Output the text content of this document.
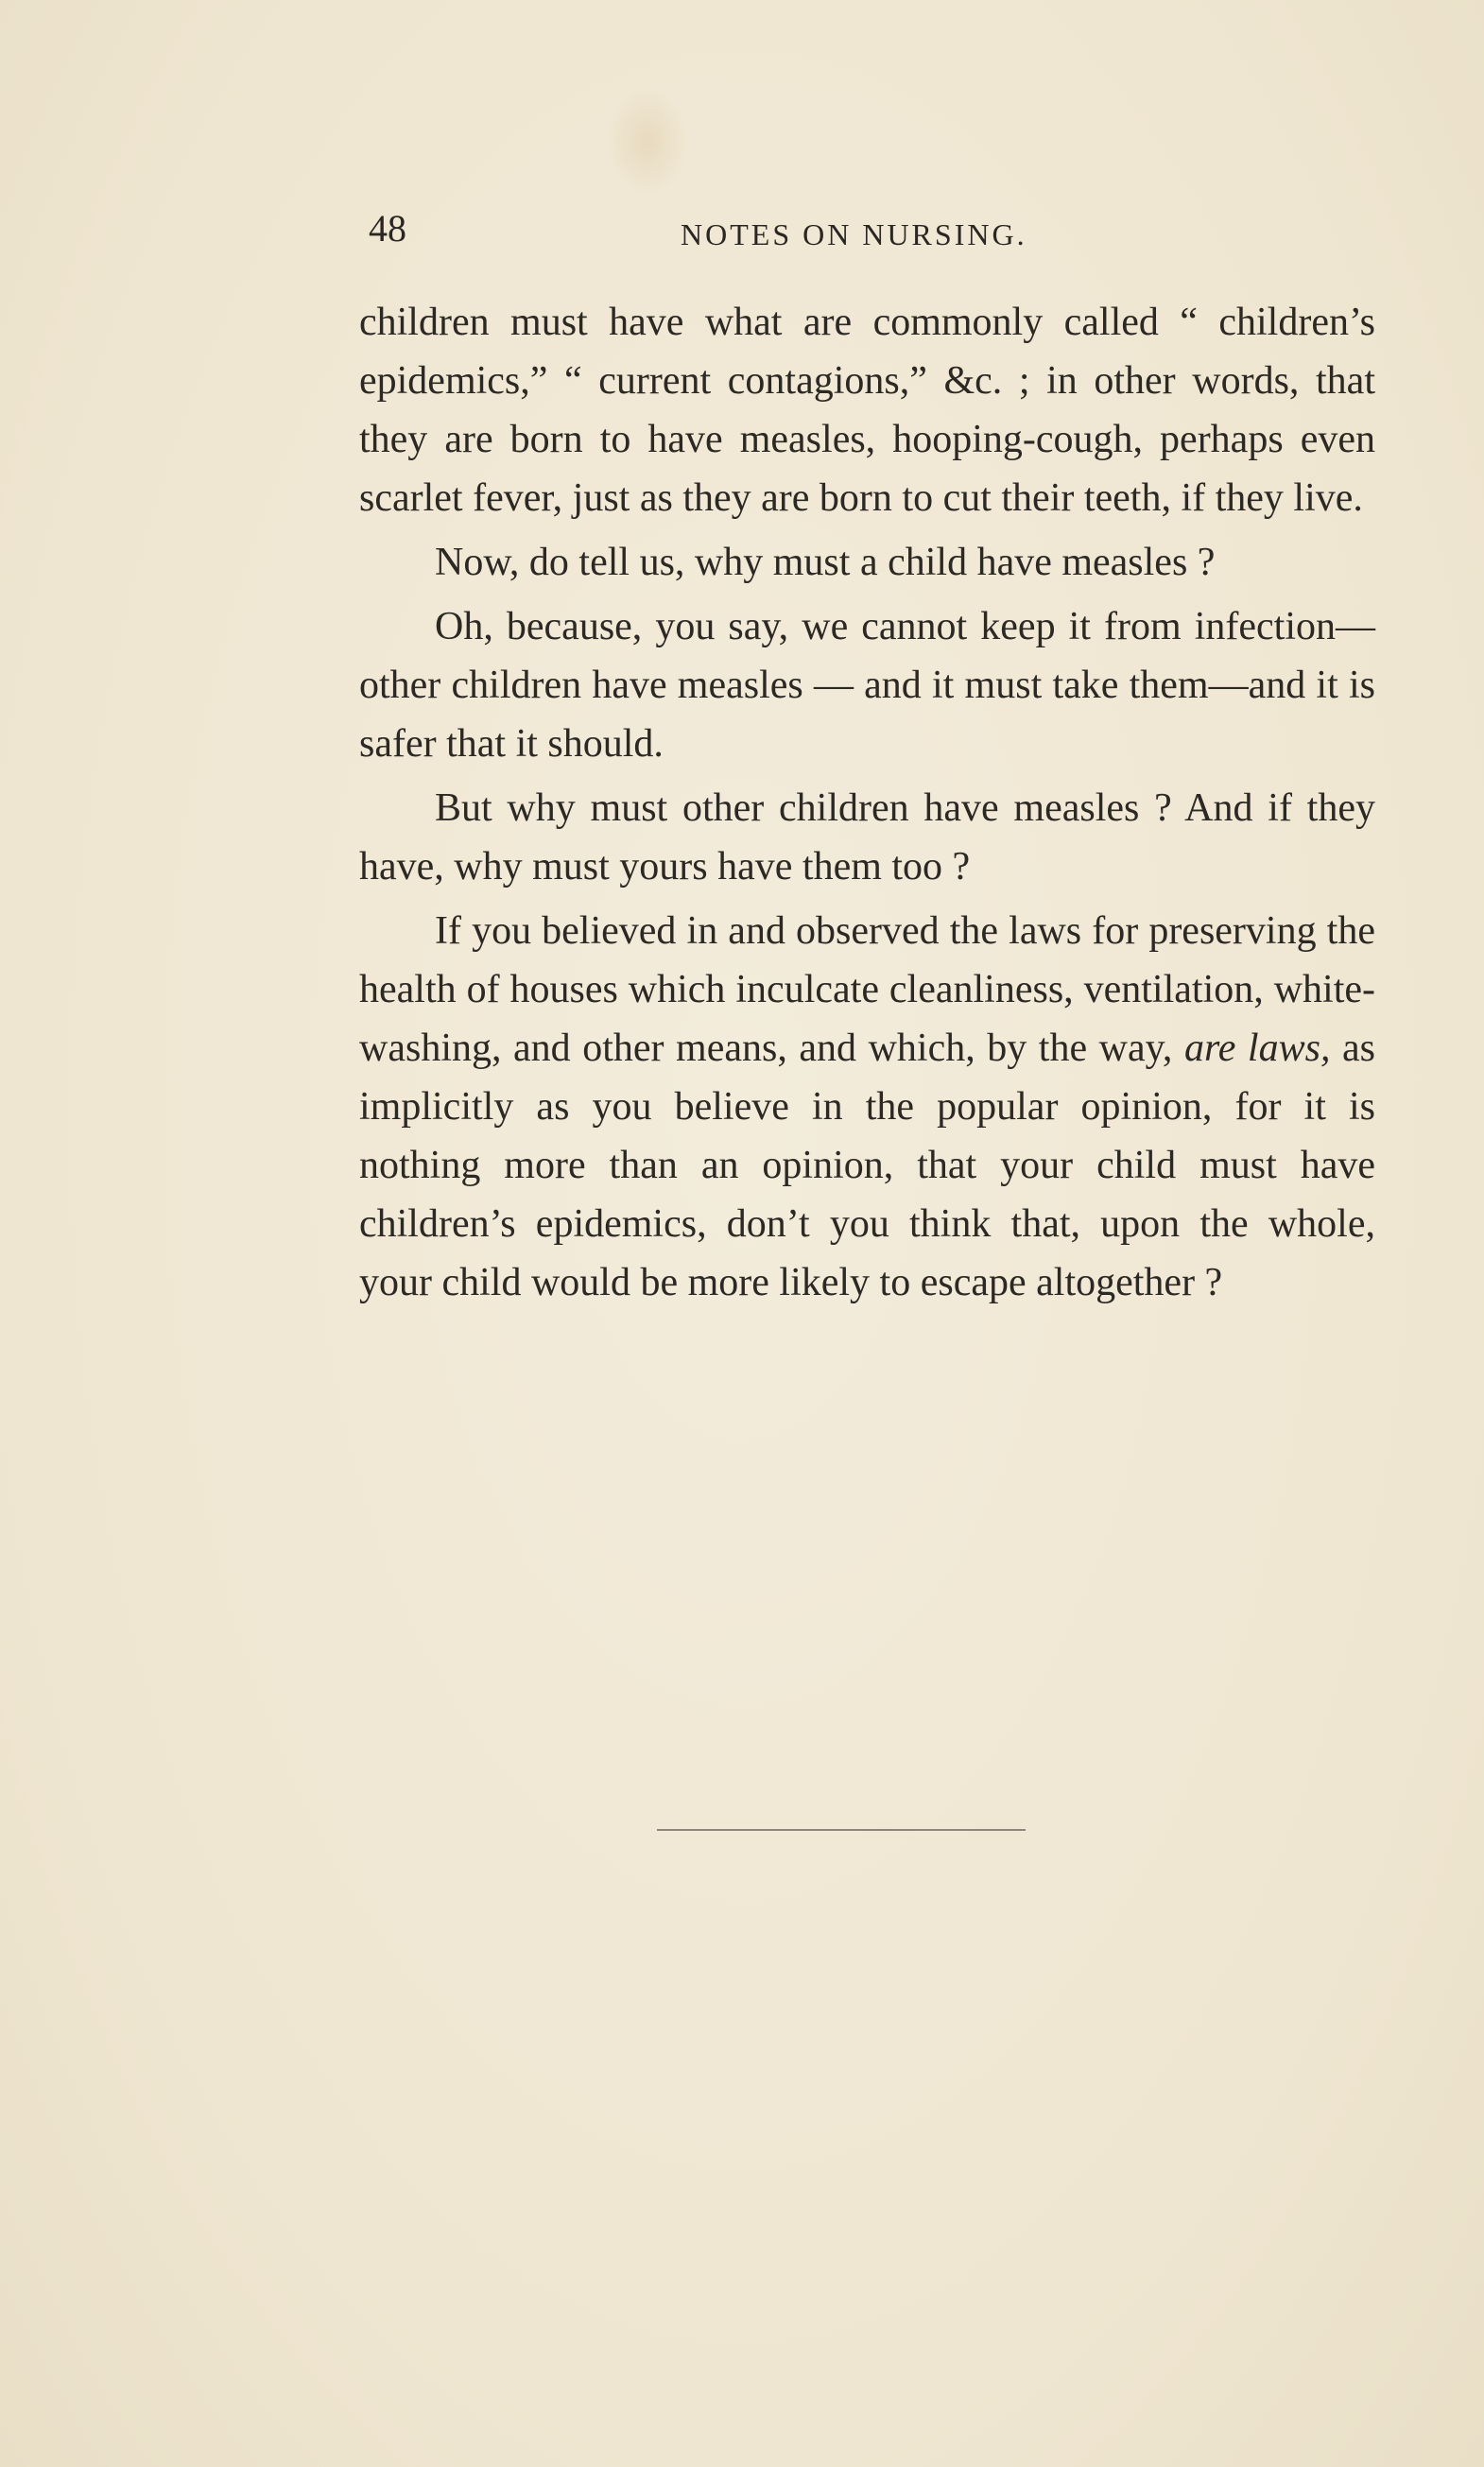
48	NOTES ON NURSING.

children must have what are commonly called “ children’s epidemics,” “ current contagions,” &c. ; in other words, that they are born to have measles, hooping-cough, perhaps even scarlet fever, just as they are born to cut their teeth, if they live.

Now, do tell us, why must a child have measles ?

Oh, because, you say, we cannot keep it from infection—other children have measles — and it must take them—and it is safer that it should.

But why must other children have measles ? And if they have, why must yours have them too ?

If you believed in and observed the laws for preserving the health of houses which inculcate cleanliness, ventilation, white-washing, and other means, and which, by the way, are laws, as implicitly as you believe in the popular opinion, for it is nothing more than an opinion, that your child must have children’s epidemics, don’t you think that, upon the whole, your child would be more likely to escape altogether ?
